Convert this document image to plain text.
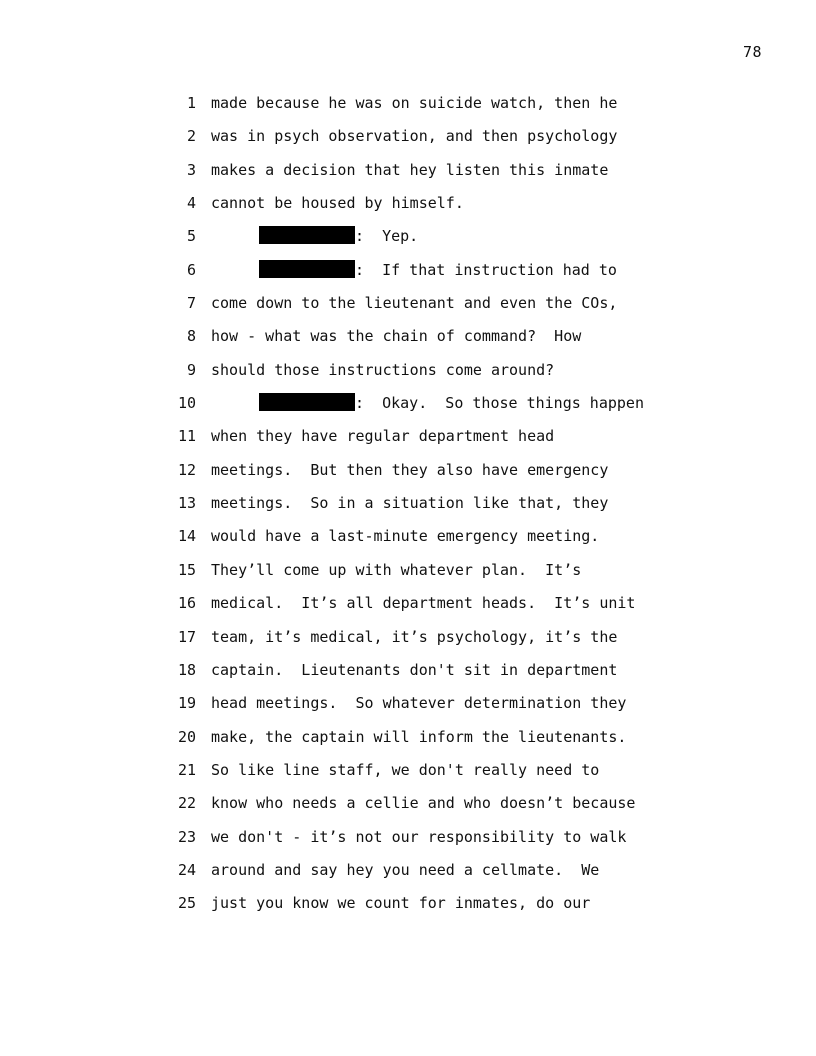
78
1 made because he was on suicide watch, then he
2 was in psych observation, and then psychology
3 makes a decision that hey listen this inmate
4 cannot be housed by himself.
5	:  Yep.
6	:  If that instruction had to
7 come down to the lieutenant and even the COs,
8 how - what was the chain of command?  How
9 should those instructions come around?
10	:  Okay.  So those things happen
11 when they have regular department head
12 meetings.  But then they also have emergency
13 meetings.  So in a situation like that, they
14 would have a last-minute emergency meeting.
15 They’ll come up with whatever plan.  It’s
16 medical.  It’s all department heads.  It’s unit
17 team, it’s medical, it’s psychology, it’s the
18 captain.  Lieutenants don't sit in department
19 head meetings.  So whatever determination they
20 make, the captain will inform the lieutenants.
21 So like line staff, we don't really need to
22 know who needs a cellie and who doesn’t because
23 we don't - it’s not our responsibility to walk
24 around and say hey you need a cellmate.  We
25 just you know we count for inmates, do our
